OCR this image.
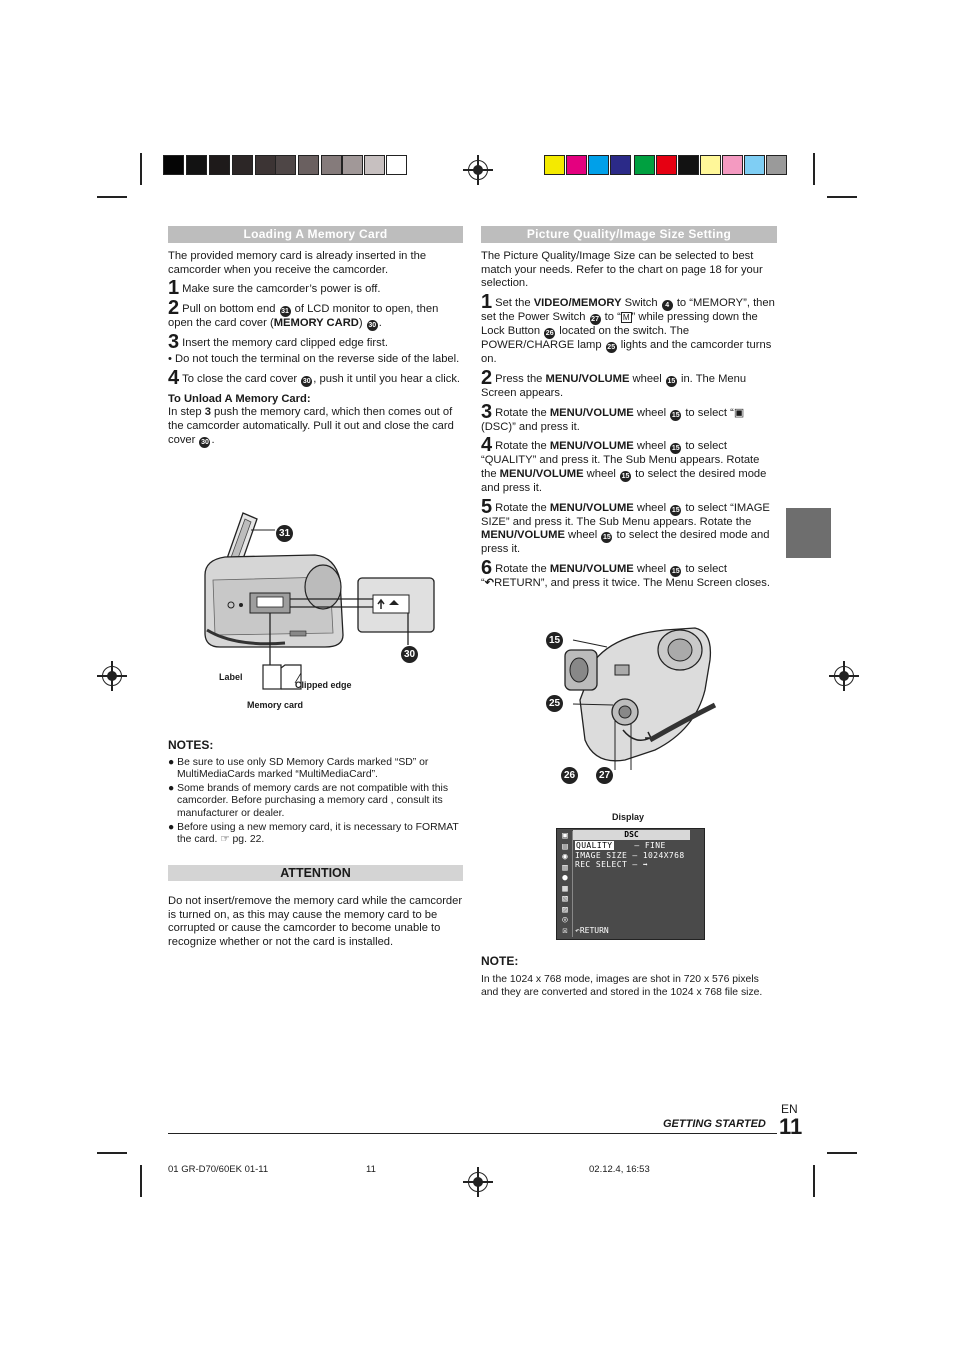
Loading A Memory Card

The provided memory card is already inserted in the camcorder when you receive the camcorder.

1 Make sure the camcorder’s power is off.
2 Pull on bottom end 31 of LCD monitor to open, then open the card cover (MEMORY CARD) 30 .
3 Insert the memory card clipped edge first.

• Do not touch the terminal on the reverse side of the label.

4 To close the card cover 30 , push it until you hear a click.
To Unload A Memory Card:

In step 3 push the memory card, which then comes out of the camcorder automatically. Pull it out and close the card cover 30 .

31
30
Label
Clipped edge
Memory card
NOTES:

● Be sure to use only SD Memory Cards marked “SD” or MultiMediaCards marked “MultiMediaCard”.

● Some brands of memory cards are not compatible with this camcorder. Before purchasing a memory card , consult its manufacturer or dealer.

● Before using a new memory card, it is necessary to FORMAT the card. ☞ pg. 22.

ATTENTION

Do not insert/remove the memory card while the camcorder is turned on, as this may cause the memory card to be corrupted or cause the camcorder to become unable to recognize whether or not the card is installed.

Picture Quality/Image Size Setting

The Picture Quality/Image Size can be selected to best match your needs. Refer to the chart on page 18 for your selection.

1 Set the VIDEO/MEMORY Switch 4 to “MEMORY”, then set the Power Switch 27 to “ M ” while pressing down the Lock Button 26 located on the switch. The POWER/CHARGE lamp 25 lights and the camcorder turns on.
2 Press the MENU/VOLUME wheel 15 in. The Menu Screen appears.
3 Rotate the MENU/VOLUME wheel 15 to select “▣ (DSC)” and press it.
4 Rotate the MENU/VOLUME wheel 15 to select “QUALITY” and press it. The Sub Menu appears. Rotate the MENU/VOLUME wheel 15 to select the desired mode and press it.
5 Rotate the MENU/VOLUME wheel 15 to select “IMAGE SIZE” and press it. The Sub Menu appears. Rotate the MENU/VOLUME wheel 15 to select the desired mode and press it.
6 Rotate the MENU/VOLUME wheel 15 to select “↶RETURN”, and press it twice. The Menu Screen closes.
15
25
26 27
Display
▣
▤
◉
▥
●
▦
▧
▨
◎
☒
DSC
QUALITY	– FINE
IMAGE SIZE – 1024X768
REC SELECT – ➡
↶RETURN
NOTE:

In the 1024 x 768 mode, images are shot in 720 x 576 pixels and they are converted and stored in the 1024 x 768 file size.

EN
GETTING STARTED 11
01 GR-D70/60EK 01-11	11	02.12.4, 16:53
